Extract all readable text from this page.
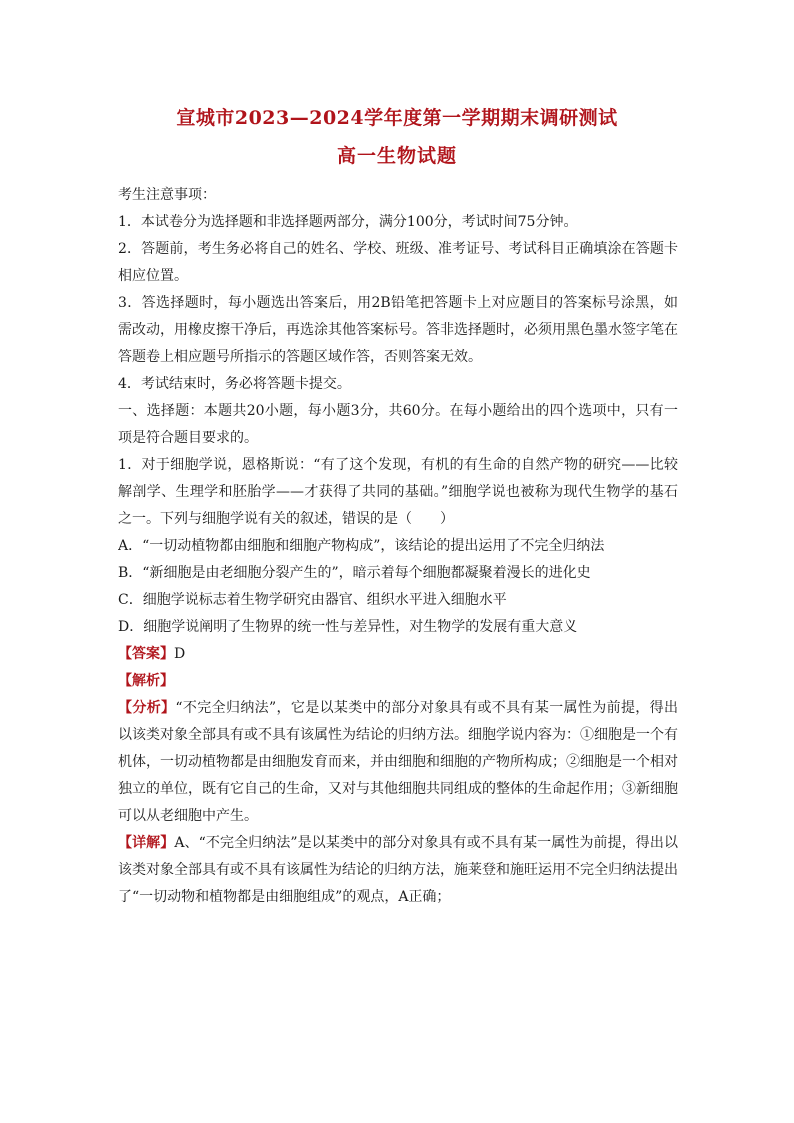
宣城市2023—2024学年度第一学期期末调研测试
高一生物试题

考生注意事项：

1．本试卷分为选择题和非选择题两部分，满分100分，考试时间75分钟。

2．答题前，考生务必将自己的姓名、学校、班级、准考证号、考试科目正确填涂在答题卡相应位置。

3．答选择题时，每小题选出答案后，用2B铅笔把答题卡上对应题目的答案标号涂黑，如需改动，用橡皮擦干净后，再选涂其他答案标号。答非选择题时，必须用黑色墨水签字笔在答题卷上相应题号所指示的答题区域作答，否则答案无效。

4．考试结束时，务必将答题卡提交。

一、选择题：本题共20小题，每小题3分，共60分。在每小题给出的四个选项中，只有一项是符合题目要求的。

1．对于细胞学说，恩格斯说：“有了这个发现，有机的有生命的自然产物的研究——比较解剖学、生理学和胚胎学——才获得了共同的基础。”细胞学说也被称为现代生物学的基石之一。下列与细胞学说有关的叙述，错误的是（　　）

A．“一切动植物都由细胞和细胞产物构成”，该结论的提出运用了不完全归纳法

B．“新细胞是由老细胞分裂产生的”，暗示着每个细胞都凝聚着漫长的进化史

C．细胞学说标志着生物学研究由器官、组织水平进入细胞水平

D．细胞学说阐明了生物界的统一性与差异性，对生物学的发展有重大意义

【答案】D

【解析】

【分析】“不完全归纳法”，它是以某类中的部分对象具有或不具有某一属性为前提，得出以该类对象全部具有或不具有该属性为结论的归纳方法。细胞学说内容为：①细胞是一个有机体，一切动植物都是由细胞发育而来，并由细胞和细胞的产物所构成；②细胞是一个相对独立的单位，既有它自己的生命，又对与其他细胞共同组成的整体的生命起作用；③新细胞可以从老细胞中产生。

【详解】A、“不完全归纳法”是以某类中的部分对象具有或不具有某一属性为前提，得出以该类对象全部具有或不具有该属性为结论的归纳方法，施莱登和施旺运用不完全归纳法提出了“一切动物和植物都是由细胞组成”的观点，A正确；
